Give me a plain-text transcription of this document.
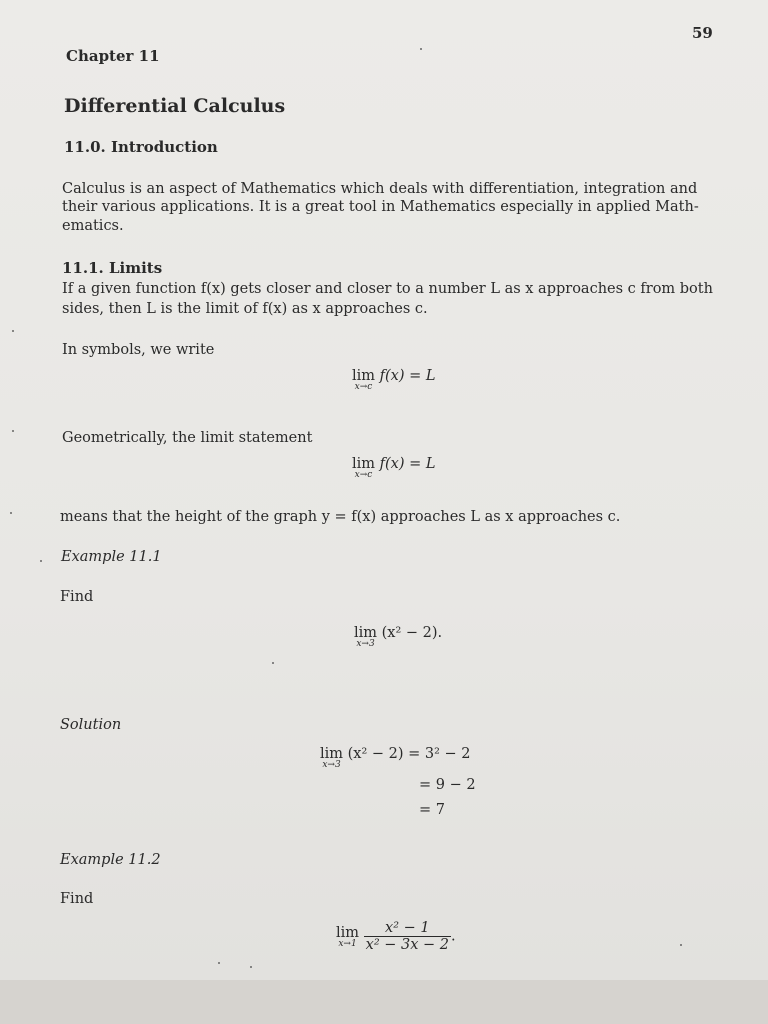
59
Chapter 11
Differential Calculus
11.0. Introduction
Calculus is an aspect of Mathematics which deals with differentiation, integration and
their various applications. It is a great tool in Mathematics especially in applied Math-
ematics.
11.1. Limits
If a given function f(x) gets closer and closer to a number L as x approaches c from both
sides, then L is the limit of f(x) as x approaches c.
In symbols, we write
lim
x→c
f(x) = L
Geometrically, the limit statement
lim
x→c
f(x) = L
means that the height of the graph y = f(x) approaches L as x approaches c.
Example 11.1
Find
lim
x→3
(x² − 2).
Solution
lim
x→3
(x² − 2) = 3² − 2
= 9 − 2
= 7
Example 11.2
Find
lim
x→1
$\frac{\text{x² − 1}}{\text{x² − 3x − 2}}$ .
